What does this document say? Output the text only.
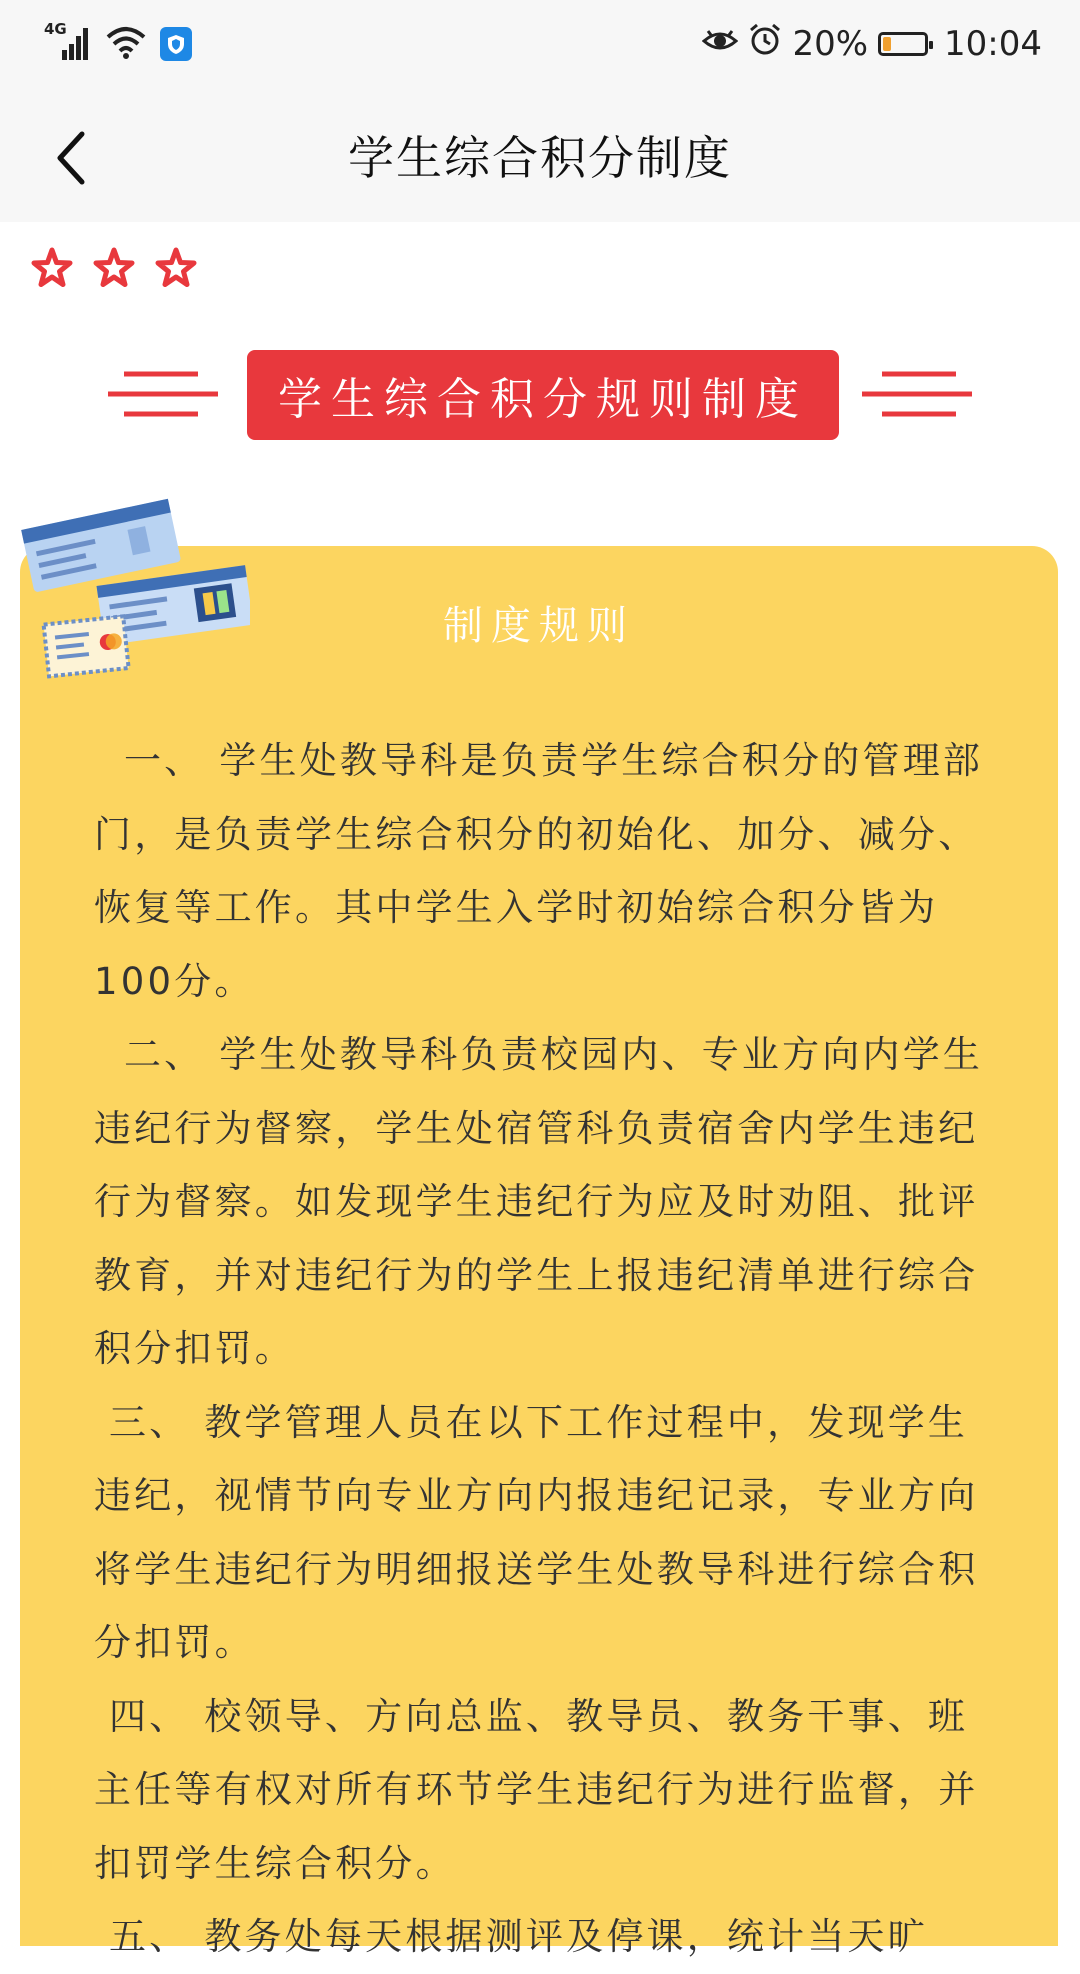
4G	20% 10:04
学生综合积分制度
学生综合积分规则制度
制度规则

一、 学生处教导科是负责学生综合积分的管理部门，是负责学生综合积分的初始化、加分、减分、恢复等工作。其中学生入学时初始综合积分皆为100分。

二、 学生处教导科负责校园内、专业方向内学生违纪行为督察，学生处宿管科负责宿舍内学生违纪行为督察。如发现学生违纪行为应及时劝阻、批评教育，并对违纪行为的学生上报违纪清单进行综合积分扣罚。

三、 教学管理人员在以下工作过程中，发现学生违纪，视情节向专业方向内报违纪记录，专业方向将学生违纪行为明细报送学生处教导科进行综合积分扣罚。

四、 校领导、方向总监、教导员、教务干事、班主任等有权对所有环节学生违纪行为进行监督，并扣罚学生综合积分。

五、 教务处每天根据测评及停课，统计当天旷
